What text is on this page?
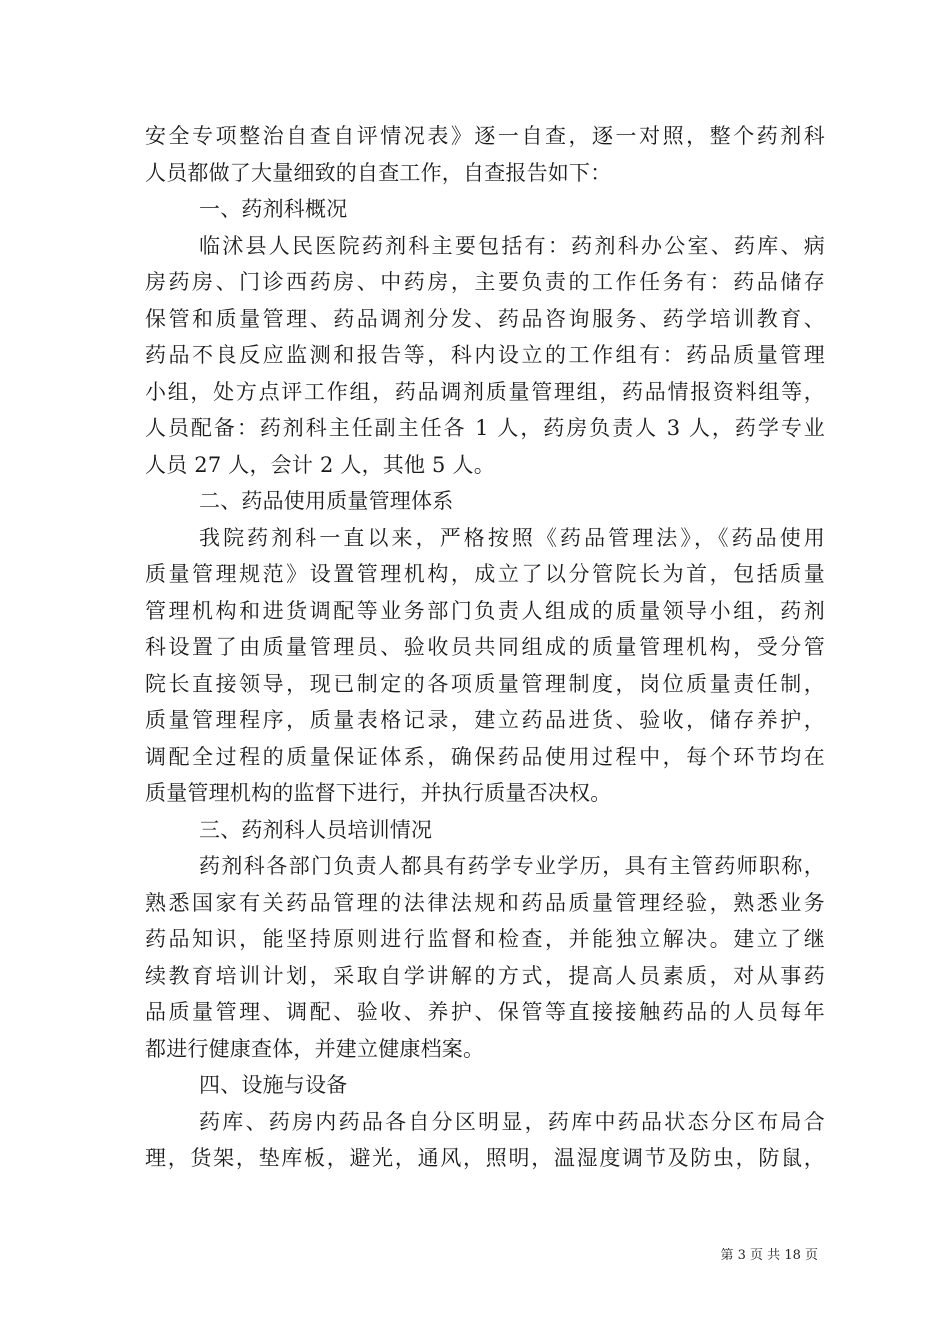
安全专项整治自查自评情况表》逐一自查，逐一对照，整个药剂科
人员都做了大量细致的自查工作，自查报告如下：
一、药剂科概况
临沭县人民医院药剂科主要包括有：药剂科办公室、药库、病
房药房、门诊西药房、中药房，主要负责的工作任务有：药品储存
保管和质量管理、药品调剂分发、药品咨询服务、药学培训教育、
药品不良反应监测和报告等，科内设立的工作组有：药品质量管理
小组，处方点评工作组，药品调剂质量管理组，药品情报资料组等，
人员配备：药剂科主任副主任各 1 人，药房负责人 3 人，药学专业
人员 27 人，会计 2 人，其他 5 人。
二、药品使用质量管理体系
我院药剂科一直以来，严格按照《药品管理法》，《药品使用
质量管理规范》设置管理机构，成立了以分管院长为首，包括质量
管理机构和进货调配等业务部门负责人组成的质量领导小组，药剂
科设置了由质量管理员、验收员共同组成的质量管理机构，受分管
院长直接领导，现已制定的各项质量管理制度，岗位质量责任制，
质量管理程序，质量表格记录，建立药品进货、验收，储存养护，
调配全过程的质量保证体系，确保药品使用过程中，每个环节均在
质量管理机构的监督下进行，并执行质量否决权。
三、药剂科人员培训情况
药剂科各部门负责人都具有药学专业学历，具有主管药师职称，
熟悉国家有关药品管理的法律法规和药品质量管理经验，熟悉业务
药品知识，能坚持原则进行监督和检查，并能独立解决。建立了继
续教育培训计划，采取自学讲解的方式，提高人员素质，对从事药
品质量管理、调配、验收、养护、保管等直接接触药品的人员每年
都进行健康查体，并建立健康档案。
四、设施与设备
药库、药房内药品各自分区明显，药库中药品状态分区布局合
理，货架，垫库板，避光，通风，照明，温湿度调节及防虫，防鼠，
第 3 页 共 18 页
